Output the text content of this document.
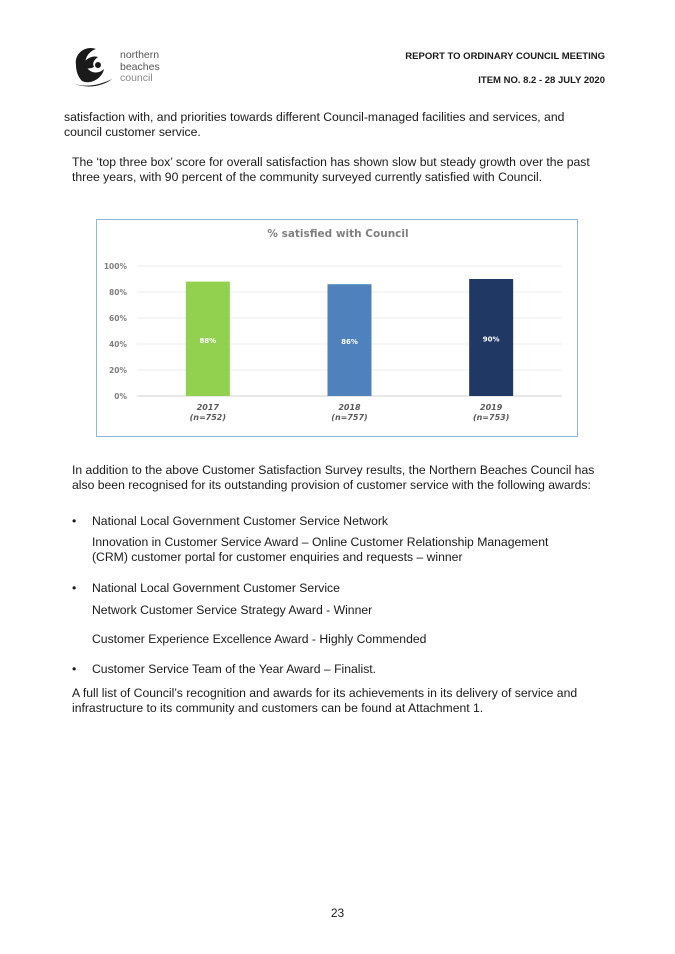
northern
beaches
council
REPORT TO ORDINARY COUNCIL MEETING
ITEM NO. 8.2 - 28 JULY 2020
satisfaction with, and priorities towards different Council-managed facilities and services, and council customer service.
The ‘top three box’ score for overall satisfaction has shown slow but steady growth over the past three years, with 90 percent of the community surveyed currently satisfied with Council.
% satisfied with Council
0%
20%
40%
60%
80%
100%
88%
2017
(n=752)
86%
2018
(n=757)
90%
2019
(n=753)
In addition to the above Customer Satisfaction Survey results, the Northern Beaches Council has also been recognised for its outstanding provision of customer service with the following awards:
• National Local Government Customer Service Network
Innovation in Customer Service Award – Online Customer Relationship Management (CRM) customer portal for customer enquiries and requests – winner
• National Local Government Customer Service
Network Customer Service Strategy Award - Winner
Customer Experience Excellence Award - Highly Commended
• Customer Service Team of the Year Award – Finalist.
A full list of Council’s recognition and awards for its achievements in its delivery of service and infrastructure to its community and customers can be found at Attachment 1.
23
